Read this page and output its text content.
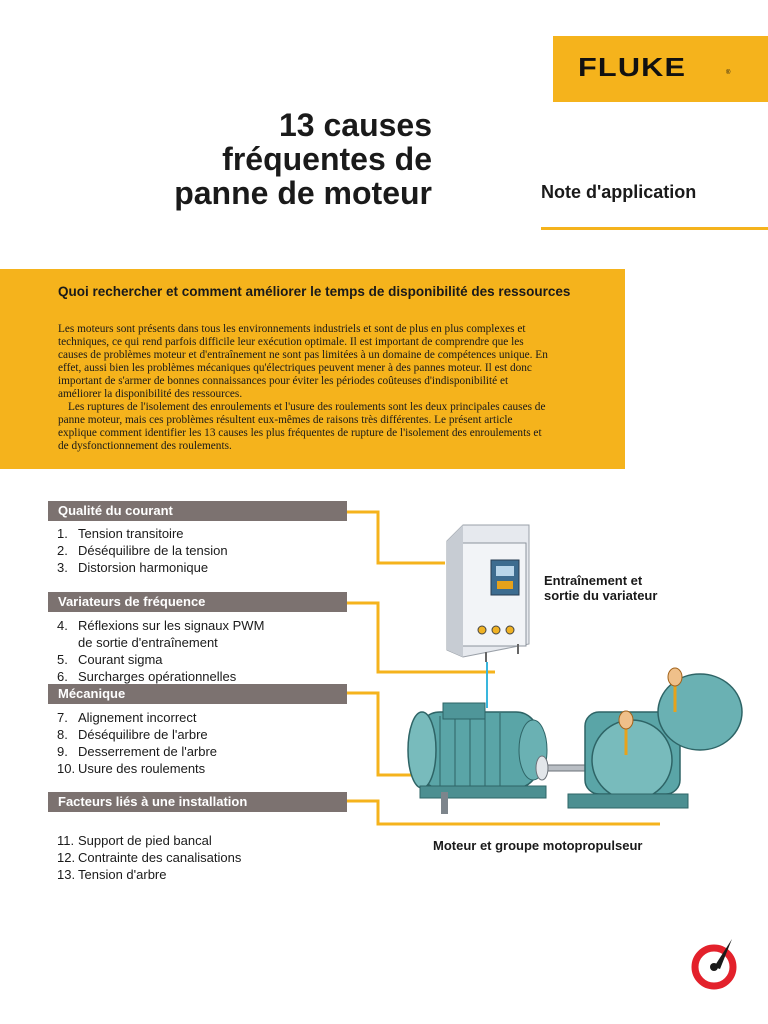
FLUKE	®
13 causes
fréquentes de
panne de moteur	Note d'application
Quoi rechercher et comment améliorer le temps de disponibilité des ressources

Les moteurs sont présents dans tous les environnements industriels et sont de plus en plus complexes et techniques, ce qui rend parfois difficile leur exécution optimale. Il est important de comprendre que les causes de problèmes moteur et d'entraînement ne sont pas limitées à un domaine de compétences unique. En effet, aussi bien les problèmes mécaniques qu'électriques peuvent mener à des pannes moteur. Il est donc important de s'armer de bonnes connaissances pour éviter les périodes coûteuses d'indisponibilité et améliorer la disponibilité des ressources.

Les ruptures de l'isolement des enroulements et l'usure des roulements sont les deux principales causes de panne moteur, mais ces problèmes résultent eux-mêmes de raisons très différentes. Le présent article explique comment identifier les 13 causes les plus fréquentes de rupture de l'isolement des enroulements et de dysfonctionnement des roulements.

Qualité du courant
1. Tension transitoire
2. Déséquilibre de la tension
3. Distorsion harmonique
Variateurs de fréquence
4. Réflexions sur les signaux PWM
de sortie d'entraînement
5. Courant sigma
6. Surcharges opérationnelles
Mécanique
7. Alignement incorrect
8. Déséquilibre de l'arbre
9. Desserrement de l'arbre
10. Usure des roulements
Facteurs liés à une installation
11. Support de pied bancal
12. Contrainte des canalisations
13. Tension d'arbre
Entraînement et
sortie du variateur
Moteur et groupe motopropulseur
